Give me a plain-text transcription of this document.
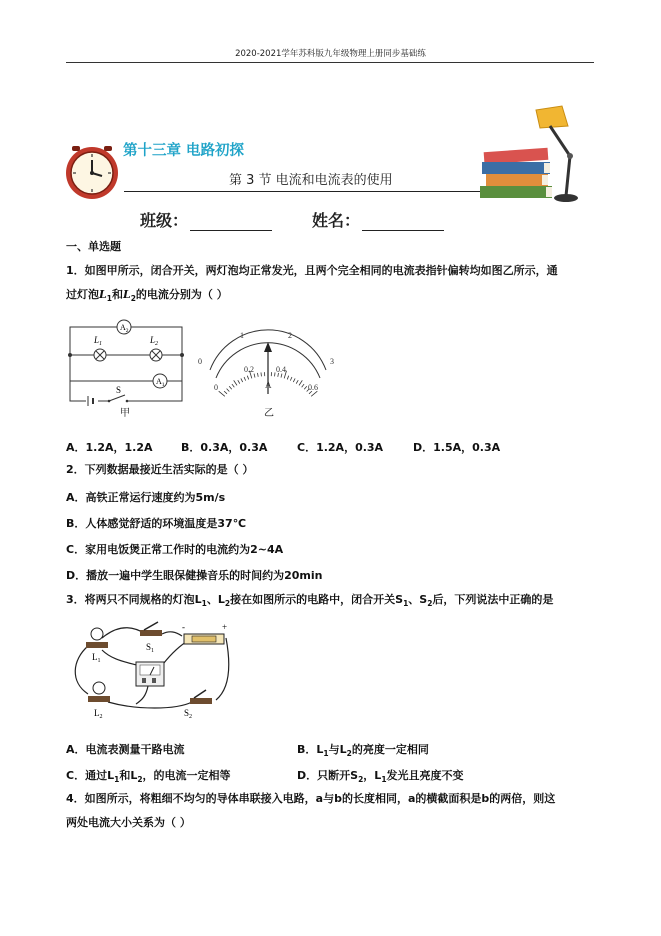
2020-2021学年苏科版九年级物理上册同步基础练
第十三章 电路初探
第 3 节 电流和电流表的使用
班级：	姓名：
一、单选题
1．如图甲所示，闭合开关，两灯泡均正常发光，且两个完全相同的电流表指针偏转均如图乙所示，通
过灯泡$L_1$和$L_2$的电流分别为（ ）
$A_2$
$L_1$	$L_2$
$A_1$
S
甲
0
1	2
3
0
0.2	0.4
0.6
A
乙
A．1.2A，1.2A	B．0.3A，0.3A	C．1.2A，0.3A	D．1.5A，0.3A
2．下列数据最接近生活实际的是（ ）
A．高铁正常运行速度约为5m/s
B．人体感觉舒适的环境温度是37℃
C．家用电饭煲正常工作时的电流约为2~4A
D．播放一遍中学生眼保健操音乐的时间约为20min
3．将两只不同规格的灯泡$L_1$、$L_2$接在如图所示的电路中，闭合开关$S_1$、$S_2$后，下列说法中正确的是
$L_1$
$L_2$
$S_1$
-	+
$S_2$
A．电流表测量干路电流	B．$L_1$与$L_2$的亮度一定相同
C．通过$L_1$和$L_2$，的电流一定相等	D．只断开$S_2$，$L_1$发光且亮度不变
4．如图所示，将粗细不均匀的导体串联接入电路，a与b的长度相同，a的横截面积是b的两倍，则这
两处电流大小关系为（ ）
